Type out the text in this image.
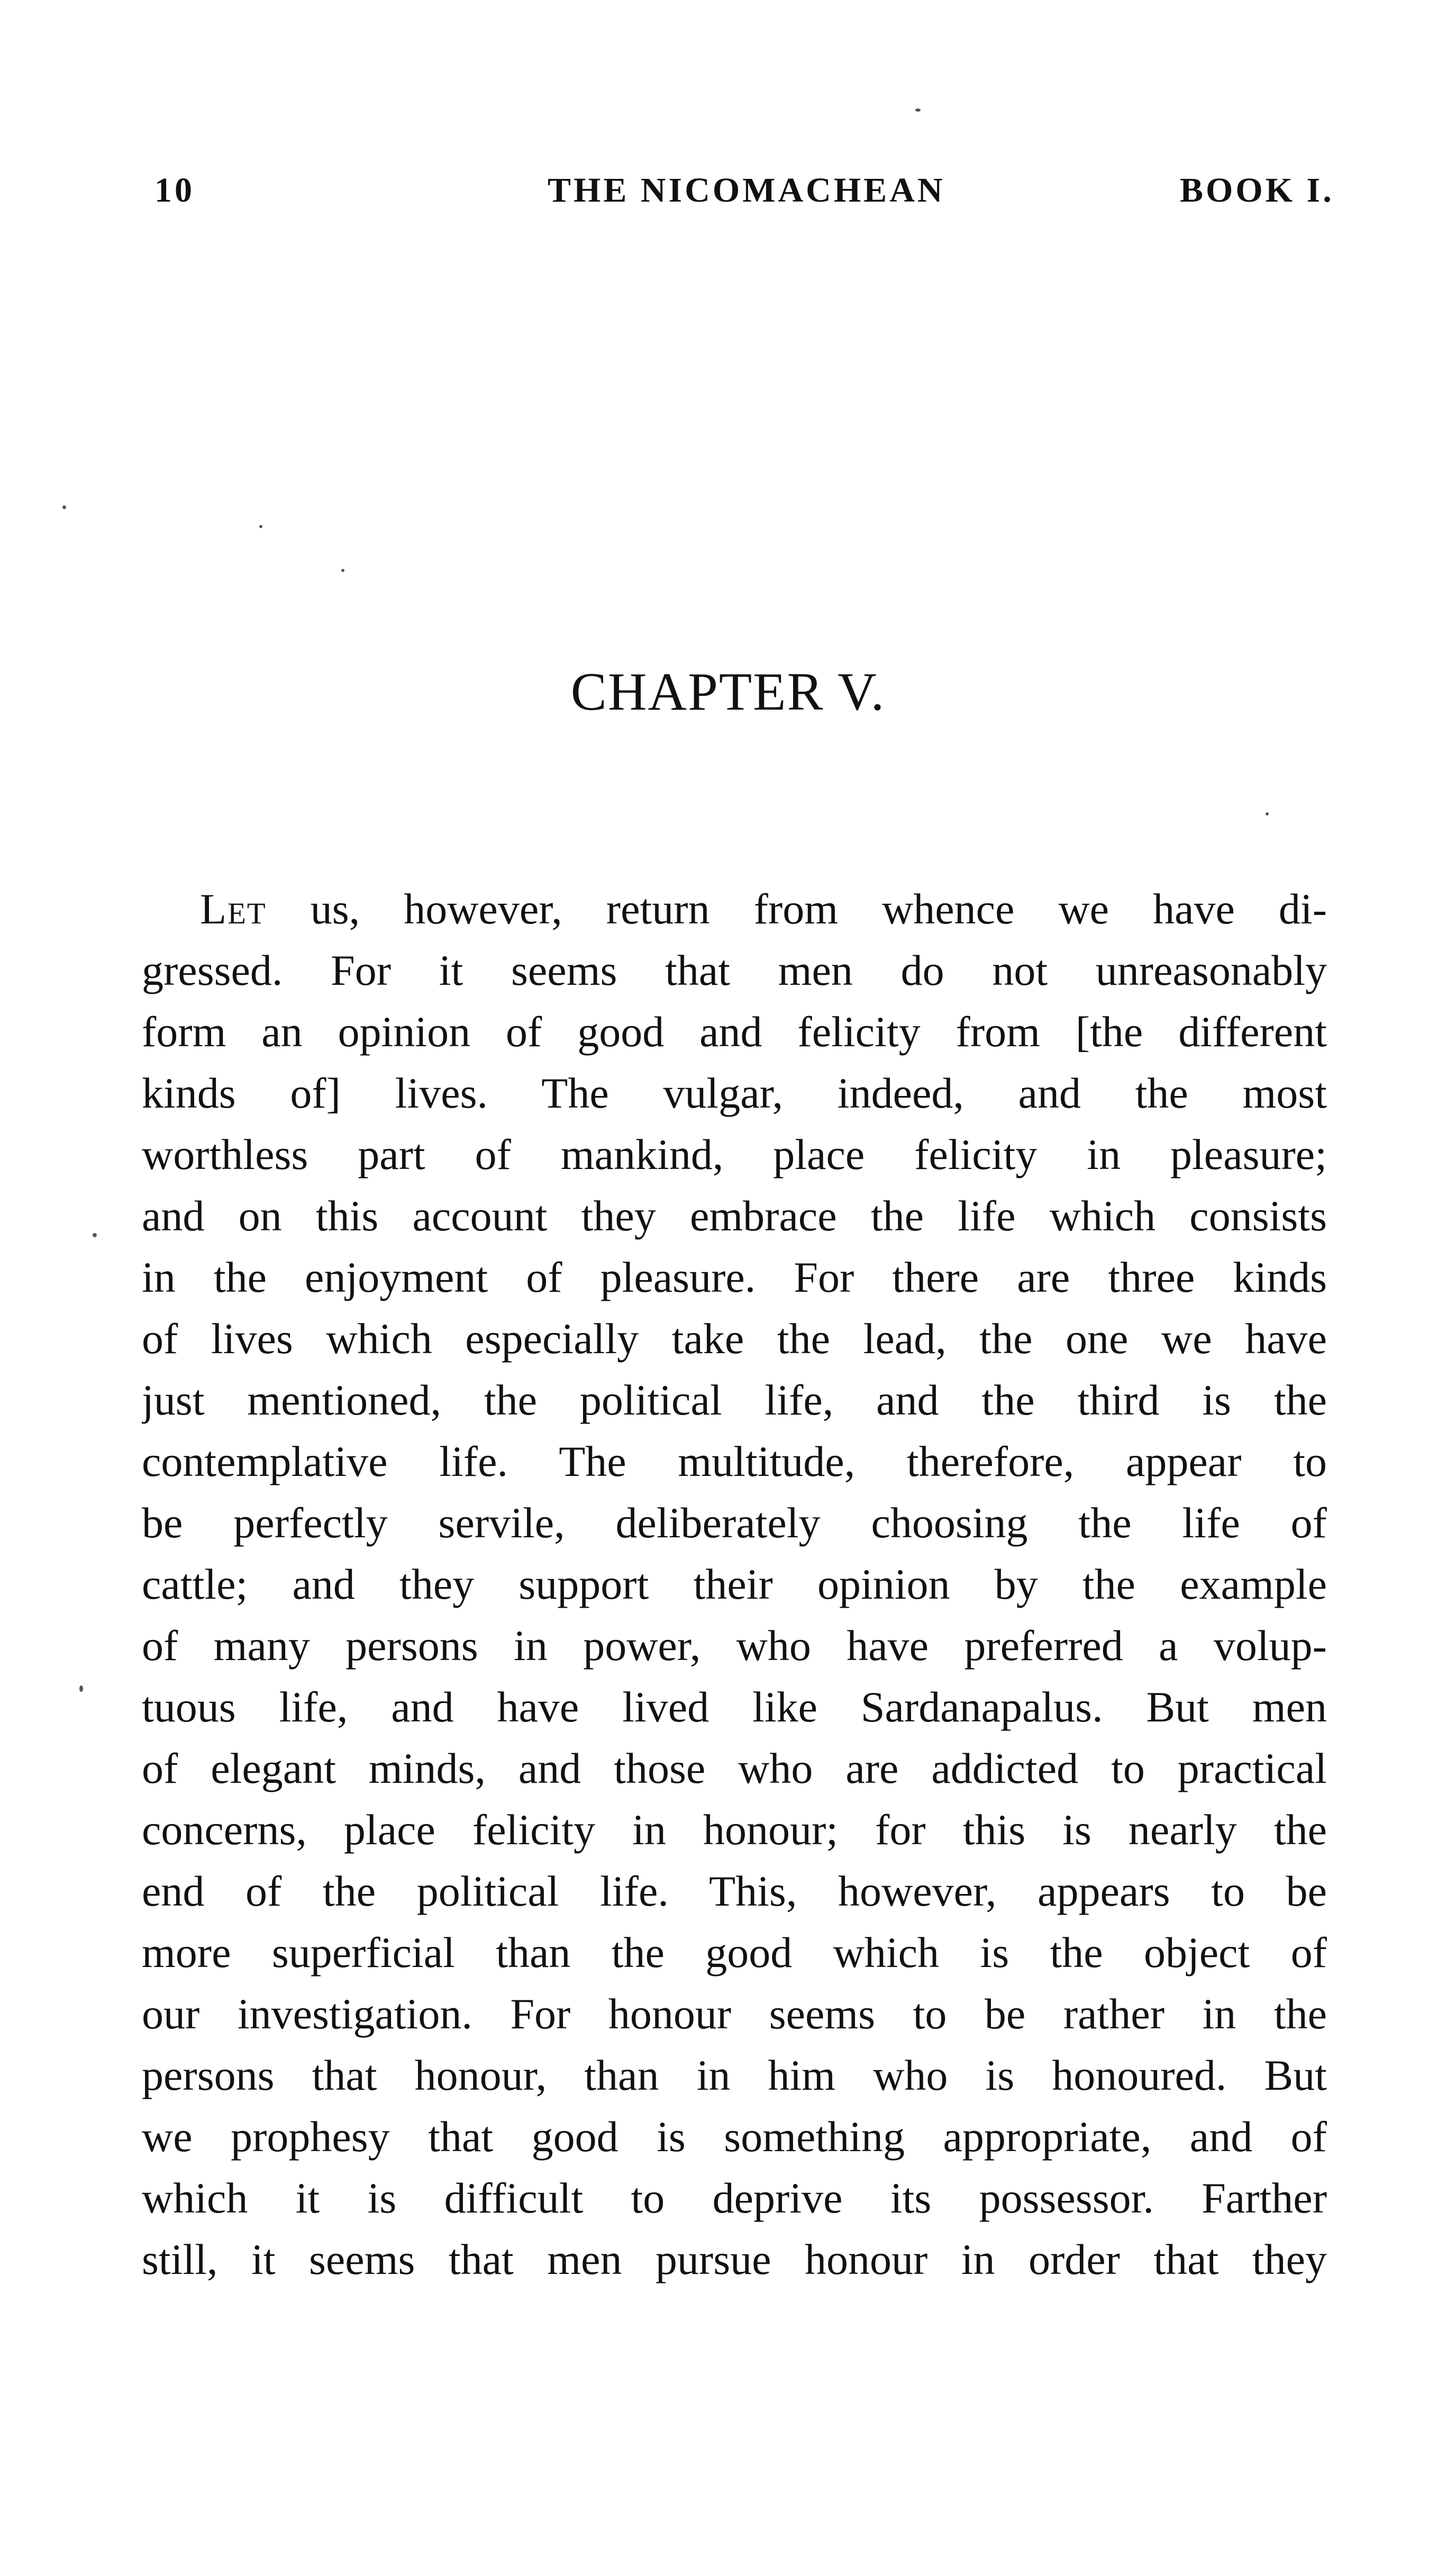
10	THE NICOMACHEAN	BOOK I.
CHAPTER V.
Let us, however, return from whence we have di-
gressed. For it seems that men do not unreasonably
form an opinion of good and felicity from [the different
kinds of] lives. The vulgar, indeed, and the most
worthless part of mankind, place felicity in pleasure;
and on this account they embrace the life which consists
in the enjoyment of pleasure. For there are three kinds
of lives which especially take the lead, the one we have
just mentioned, the political life, and the third is the
contemplative life. The multitude, therefore, appear to
be perfectly servile, deliberately choosing the life of
cattle; and they support their opinion by the example
of many persons in power, who have preferred a volup-
tuous life, and have lived like Sardanapalus. But men
of elegant minds, and those who are addicted to practical
concerns, place felicity in honour; for this is nearly the
end of the political life. This, however, appears to be
more superficial than the good which is the object of
our investigation. For honour seems to be rather in the
persons that honour, than in him who is honoured. But
we prophesy that good is something appropriate, and of
which it is difficult to deprive its possessor. Farther
still, it seems that men pursue honour in order that they
